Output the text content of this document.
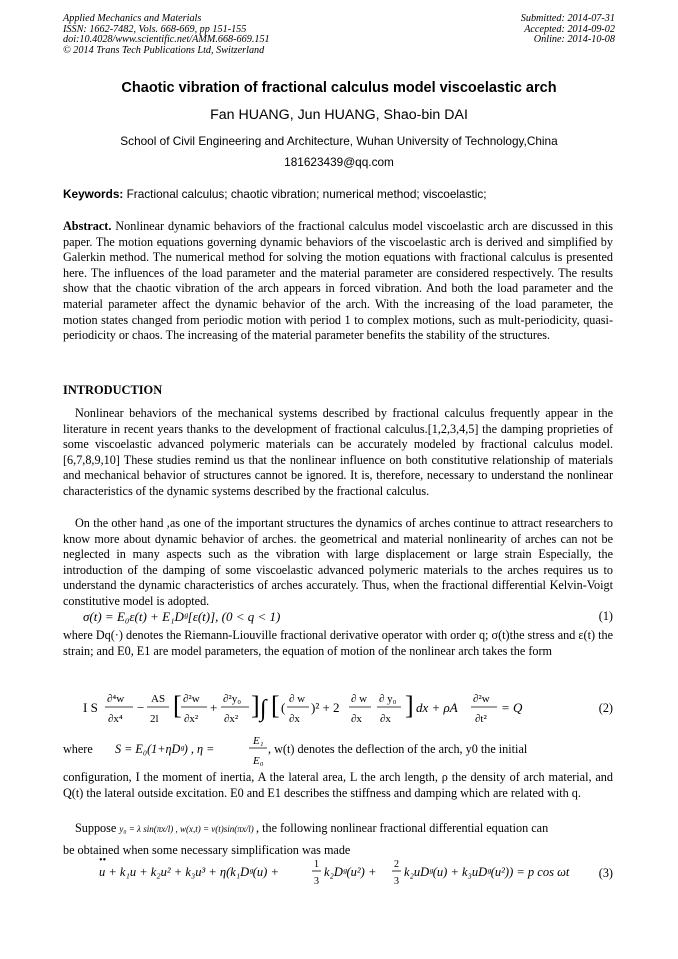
Applied Mechanics and Materials
ISSN: 1662-7482, Vols. 668-669, pp 151-155
doi:10.4028/www.scientific.net/AMM.668-669.151
© 2014 Trans Tech Publications Ltd, Switzerland
Submitted: 2014-07-31
Accepted: 2014-09-02
Online: 2014-10-08
Chaotic vibration of fractional calculus model viscoelastic arch
Fan HUANG, Jun HUANG, Shao-bin DAI
School of Civil Engineering and Architecture, Wuhan University of Technology,China
181623439@qq.com
Keywords: Fractional calculus; chaotic vibration; numerical method; viscoelastic;
Abstract. Nonlinear dynamic behaviors of the fractional calculus model viscoelastic arch are discussed in this paper. The motion equations governing dynamic behaviors of the viscoelastic arch is derived and simplified by Galerkin method. The numerical method for solving the motion equations with fractional calculus is presented here. The influences of the load parameter and the material parameter are considered respectively. The results show that the chaotic vibration of the arch appears in forced vibration. And both the load parameter and the material parameter affect the dynamic behavior of the arch. With the increasing of the load parameter, the motion states changed from periodic motion with period 1 to complex motions, such as mult-periodicity, quasi-periodicity or chaos. The increasing of the material parameter benefits the stability of the structures.
INTRODUCTION
Nonlinear behaviors of the mechanical systems described by fractional calculus frequently appear in the literature in recent years thanks to the development of fractional calculus.[1,2,3,4,5] the damping proprieties of some viscoelastic advanced polymeric materials can be accurately modeled by fractional calculus model.[6,7,8,9,10] These studies remind us that the nonlinear influence on both constitutive relationship of materials and mechanical behavior of structures cannot be ignored. It is, therefore, necessary to understand the nonlinear characteristics of the dynamic systems described by the fractional calculus.
On the other hand ,as one of the important structures the dynamics of arches continue to attract researchers to know more about dynamic behavior of arches. the geometrical and material nonlinearity of arches can not be neglected in many aspects such as the vibration with large displacement or large strain Especially, the introduction of the damping of some viscoelastic advanced polymeric materials to the arches requires us to understand the dynamic characteristics of arches accurately. Thus, when the fractional differential Kelvin-Voigt constitutive model is adopted.
σ(t) = E₀ε(t) + E₁Dᵍ[ε(t)], (0 < q < 1)	(1)
where Dq(·) denotes the Riemann-Liouville fractional derivative operator with order q; σ(t)the stress and ε(t) the strain; and E0, E1 are model parameters, the equation of motion of the nonlinear arch takes the form
I S
∂⁴w
∂x⁴
−
AS
2l [ ∂²w
∂x²
+
∂²y₀
∂x² ] ∫ [ (
∂ w
∂x
)² + 2
∂ w
∂x
∂ y₀
∂x ] dx + ρA
∂²w
∂t²
= Q	(2)
where S = E₀(1+ηDᵍ) , η =
E₁
E₀
, w(t) denotes the deflection of the arch, y0 the initial
configuration, I the moment of inertia, A the lateral area, L the arch length, ρ the density of arch material, and Q(t) the lateral outside excitation. E0 and E1 describes the stiffness and damping which are related with q.
Suppose y₀ = λ sin(πx/l) , w(x,t) = v(t)sin(πx/l) , the following nonlinear fractional differential equation can
be obtained when some necessary simplification was made
••
u + k₁u + k₂u² + k₃u³ + η(k₁Dᵍ(u) +
1
3
k₂Dᵍ(u²) +
2
3
k₂uDᵍ(u) + k₃uDᵍ(u²)) = p cos ωt (3)
